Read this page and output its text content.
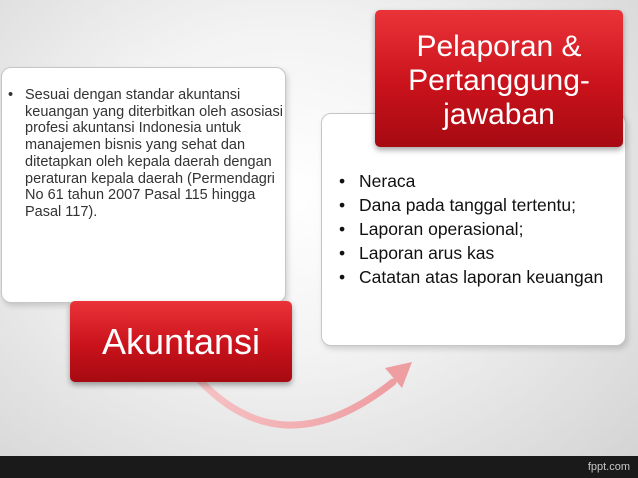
• Sesuai dengan standar akuntansi keuangan yang diterbitkan oleh asosiasi profesi akuntansi Indonesia untuk manajemen bisnis yang sehat dan ditetapkan oleh kepala daerah dengan peraturan kepala daerah (Permendagri No 61 tahun 2007 Pasal 115 hingga Pasal 117).
• Neraca
• Dana pada tanggal tertentu;
• Laporan operasional;
• Laporan arus kas
• Catatan atas laporan keuangan
Akuntansi
Pelaporan &
Pertanggung-
jawaban
fppt.com
